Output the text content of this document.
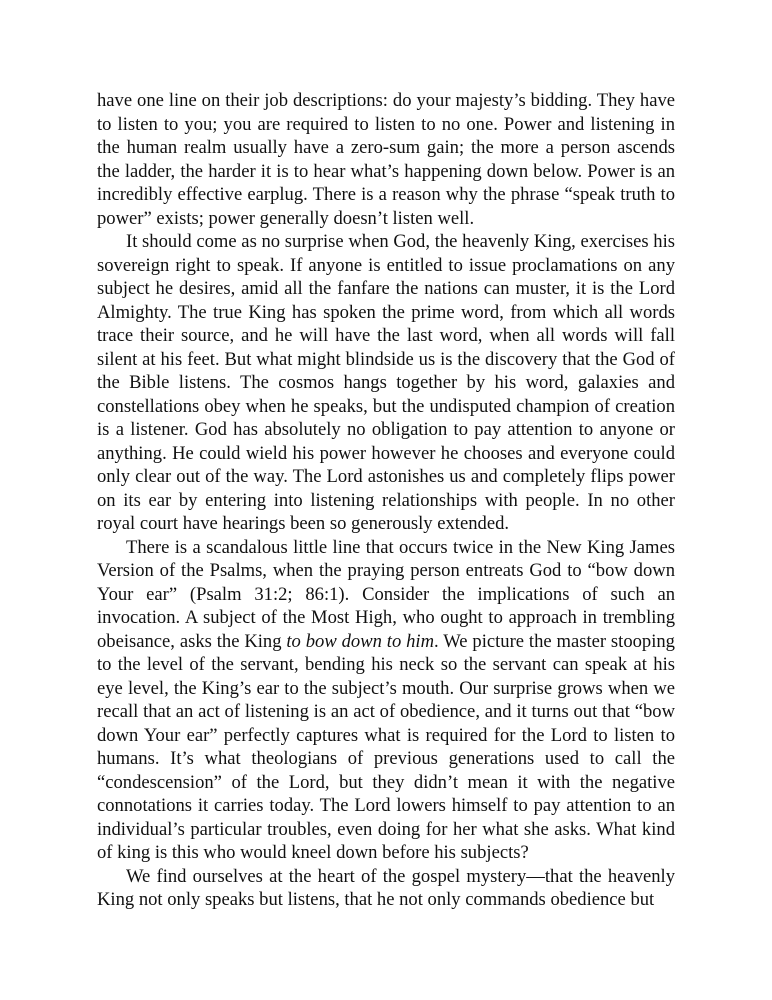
have one line on their job descriptions: do your majesty’s bidding. They have to listen to you; you are required to listen to no one. Power and listening in the human realm usually have a zero-sum gain; the more a person ascends the ladder, the harder it is to hear what’s happening down below. Power is an incredibly effective earplug. There is a reason why the phrase “speak truth to power” exists; power generally doesn’t listen well.

It should come as no surprise when God, the heavenly King, exercises his sovereign right to speak. If anyone is entitled to issue proclamations on any subject he desires, amid all the fanfare the nations can muster, it is the Lord Almighty. The true King has spoken the prime word, from which all words trace their source, and he will have the last word, when all words will fall silent at his feet. But what might blindside us is the discovery that the God of the Bible listens. The cosmos hangs together by his word, galaxies and constellations obey when he speaks, but the undisputed champion of creation is a listener. God has absolutely no obligation to pay attention to anyone or anything. He could wield his power however he chooses and everyone could only clear out of the way. The Lord astonishes us and completely flips power on its ear by entering into listening relationships with people. In no other royal court have hearings been so generously extended.

There is a scandalous little line that occurs twice in the New King James Version of the Psalms, when the praying person entreats God to “bow down Your ear” (Psalm 31:2; 86:1). Consider the implications of such an invocation. A subject of the Most High, who ought to approach in trembling obeisance, asks the King to bow down to him. We picture the master stooping to the level of the servant, bending his neck so the servant can speak at his eye level, the King’s ear to the subject’s mouth. Our surprise grows when we recall that an act of listening is an act of obedience, and it turns out that “bow down Your ear” perfectly captures what is required for the Lord to listen to humans. It’s what theologians of previous generations used to call the “condescension” of the Lord, but they didn’t mean it with the negative connotations it carries today. The Lord lowers himself to pay attention to an individual’s particular troubles, even doing for her what she asks. What kind of king is this who would kneel down before his subjects?

We find ourselves at the heart of the gospel mystery—that the heavenly King not only speaks but listens, that he not only commands obedience but
